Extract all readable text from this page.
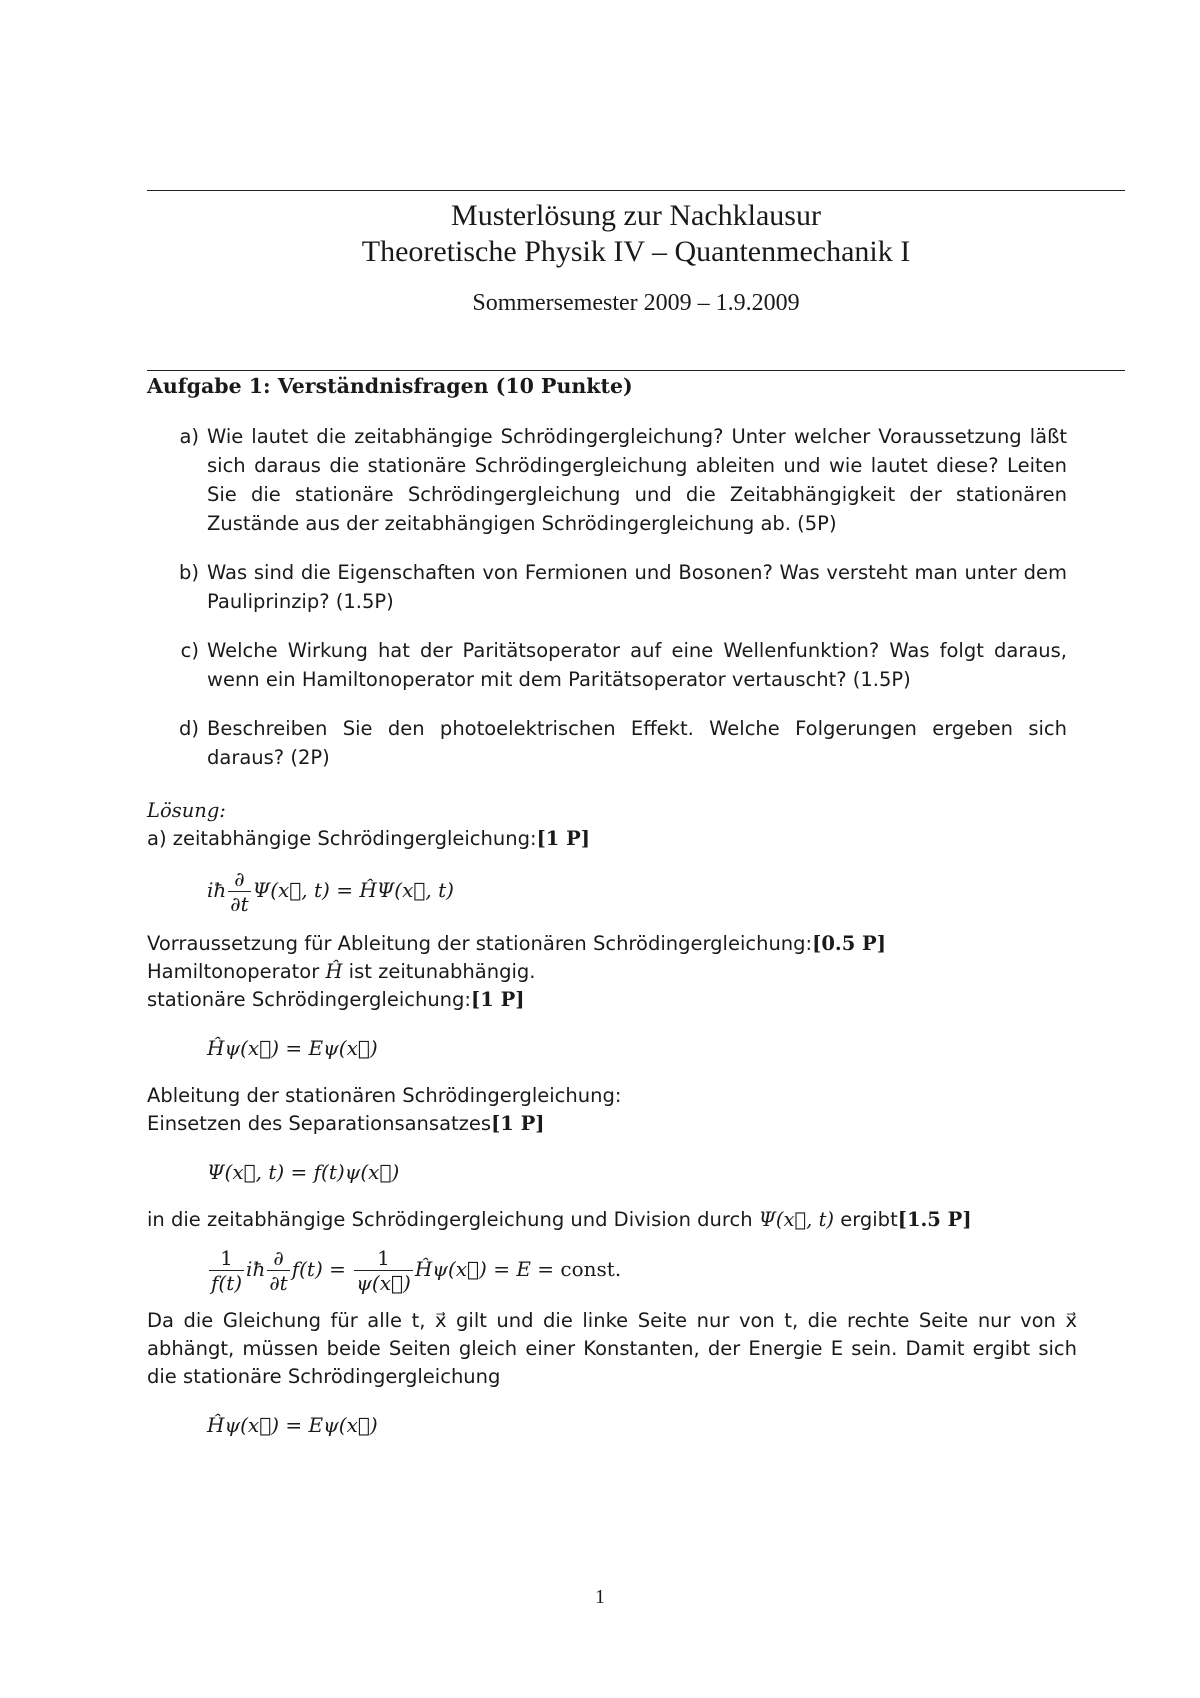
Musterlösung zur Nachklausur
Theoretische Physik IV – Quantenmechanik I
Sommersemester 2009 – 1.9.2009
Aufgabe 1: Verständnisfragen (10 Punkte)
a) Wie lautet die zeitabhängige Schrödingergleichung? Unter welcher Voraussetzung läßt sich daraus die stationäre Schrödingergleichung ableiten und wie lautet diese? Leiten Sie die stationäre Schrödingergleichung und die Zeitabhängigkeit der stationären Zustände aus der zeitabhängigen Schrödingergleichung ab. (5P)
b) Was sind die Eigenschaften von Fermionen und Bosonen? Was versteht man unter dem Pauliprinzip? (1.5P)
c) Welche Wirkung hat der Paritätsoperator auf eine Wellenfunktion? Was folgt daraus, wenn ein Hamiltonoperator mit dem Paritätsoperator vertauscht? (1.5P)
d) Beschreiben Sie den photoelektrischen Effekt. Welche Folgerungen ergeben sich daraus? (2P)

Lösung:

a) zeitabhängige Schrödingergleichung:[1 P]

iħ $\frac{\partial}{\partial t}$ Ψ(x⃗, t) = ĤΨ(x⃗, t)

Vorraussetzung für Ableitung der stationären Schrödingergleichung:[0.5 P]

Hamiltonoperator Ĥ ist zeitunabhängig.

stationäre Schrödingergleichung:[1 P]

Ĥψ(x⃗) = Eψ(x⃗)

Ableitung der stationären Schrödingergleichung:

Einsetzen des Separationsansatzes[1 P]

Ψ(x⃗, t) = f(t)ψ(x⃗)

in die zeitabhängige Schrödingergleichung und Division durch Ψ(x⃗, t) ergibt[1.5 P]

$\frac{1}{f(t)}$ iħ $\frac{\partial}{\partial t} f(t) = \frac{1}{\psi(x⃗)}$ Ĥψ(x⃗) = E = const.

Da die Gleichung für alle t, x⃗ gilt und die linke Seite nur von t, die rechte Seite nur von x⃗ abhängt, müssen beide Seiten gleich einer Konstanten, der Energie E sein. Damit ergibt sich die stationäre Schrödingergleichung

Ĥψ(x⃗) = Eψ(x⃗)
1
